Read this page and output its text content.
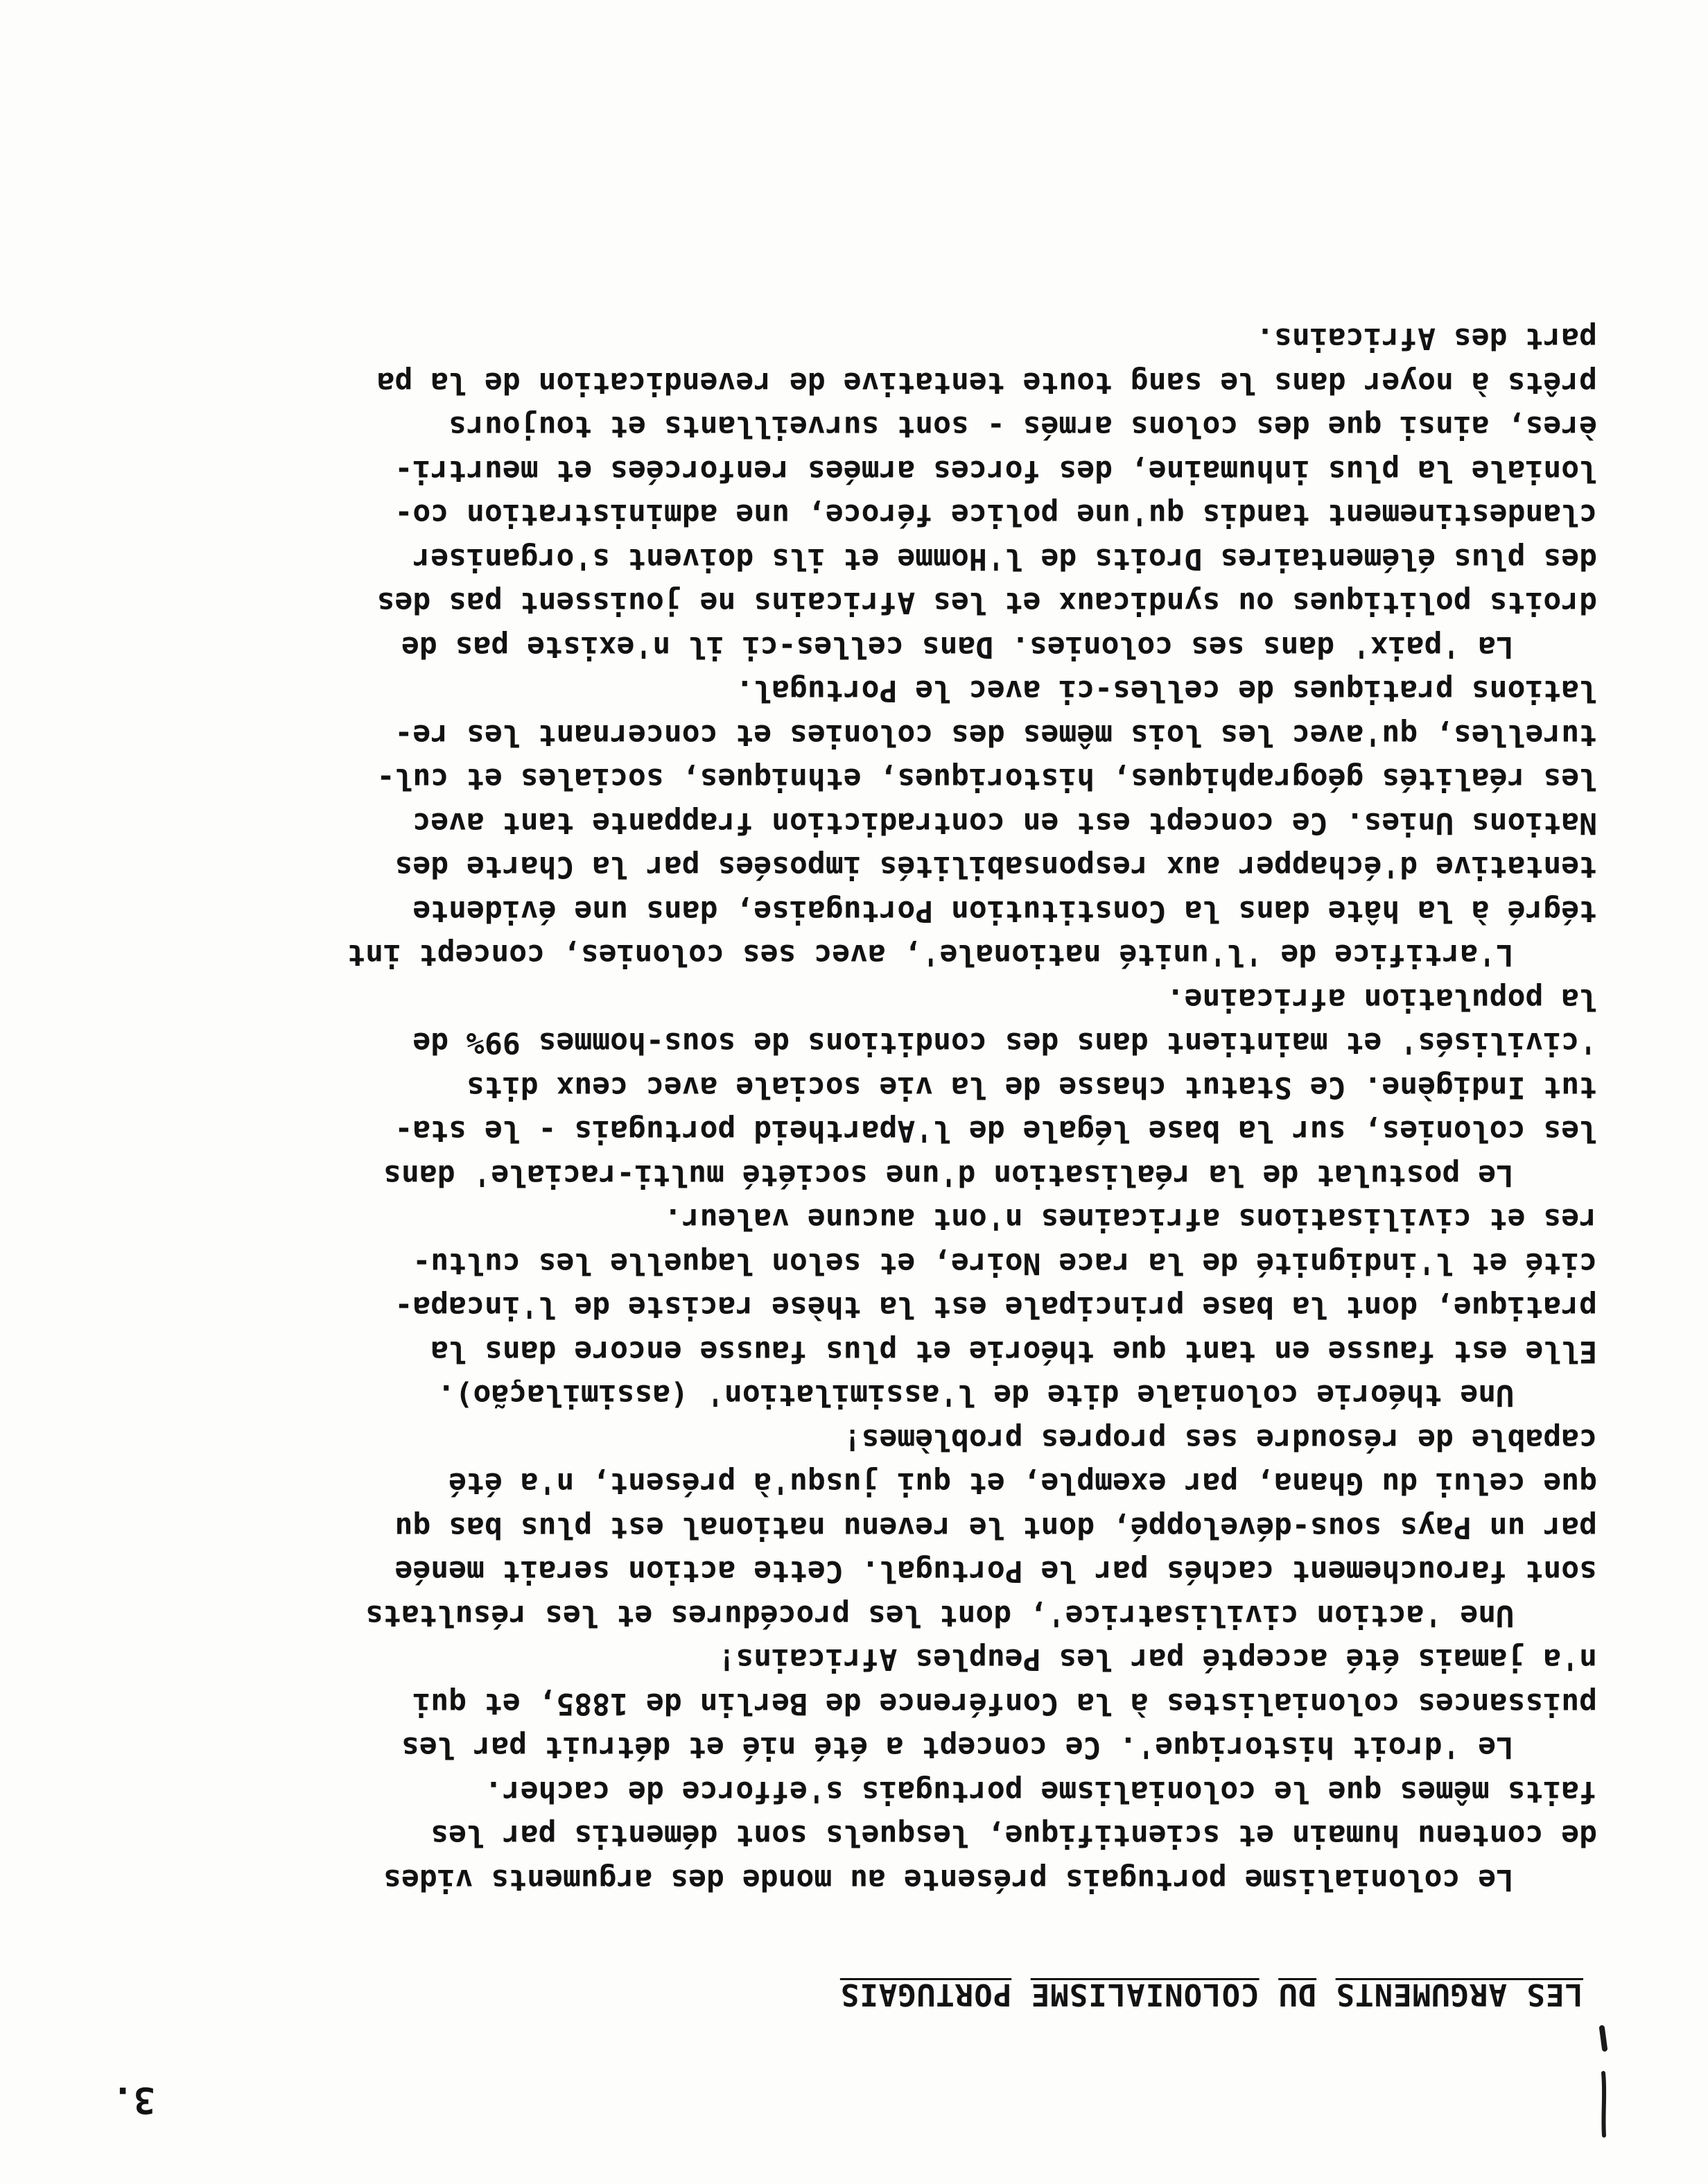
3.
LES ARGUMENTS DU COLONIALISME PORTUGAIS
Le colonialisme portugais présente au monde des arguments vides
de contenu humain et scientifique, lesquels sont démentis par les
faits mêmes que le colonialisme portugais s'efforce de cacher.
Le 'droit historique'. Ce concept a été nié et détruit par les
puissances colonialistes à la Conférence de Berlin de 1885, et qui
n'a jamais été accepté par les Peuples Africains!
Une 'action civilisatrice', dont les procédures et les résultats
sont farouchement cachés par le Portugal. Cette action serait menée
par un Pays sous-développé, dont le revenu national est plus bas qu
que celui du Ghana, par exemple, et qui jusqu'à présent, n'a été
capable de résoudre ses propres problèmes!
Une théorie coloniale dite de l'assimilation' (assimilação).
Elle est fausse en tant que théorie et plus fausse encore dans la
pratique, dont la base principale est la thèse raciste de l'incapa-
cité et l'indignité de la race Noire, et selon laquelle les cultu-
res et civilisations africaines n'ont aucune valeur.
Le postulat de la réalisation d'une société multi-raciale' dans
les colonies, sur la base légale de l'Apartheid portugais - le sta-
tut Indigène. Ce Statut chasse de la vie sociale avec ceux dits
'civilisés' et maintient dans des conditions de sous-hommes 99% de
la population africaine.
L'artifice de 'l'unité nationale', avec ses colonies, concept int
tégré à la hâte dans la Constitution Portugaise, dans une évidente
tentative d'échapper aux responsabilités imposées par la Charte des
Nations Unies. Ce concept est en contradiction frappante tant avec
les réalités géographiques, historiques, ethniques, sociales et cul-
turelles, qu'avec les lois mêmes des colonies et concernant les re-
lations pratiques de celles-ci avec le Portugal.
La 'paix' dans ses colonies. Dans celles-ci il n'existe pas de
droits politiques ou syndicaux et les Africains ne jouissent pas des
des plus élémentaires Droits de l'Homme et ils doivent s'organiser
clandestinement tandis qu'une police féroce, une administration co-
loniale la plus inhumaine, des forces armées renforcées et meurtri-
ères, ainsi que des colons armés - sont surveillants et toujours
prêts à noyer dans le sang toute tentative de revendication de la pa
part des Africains.
